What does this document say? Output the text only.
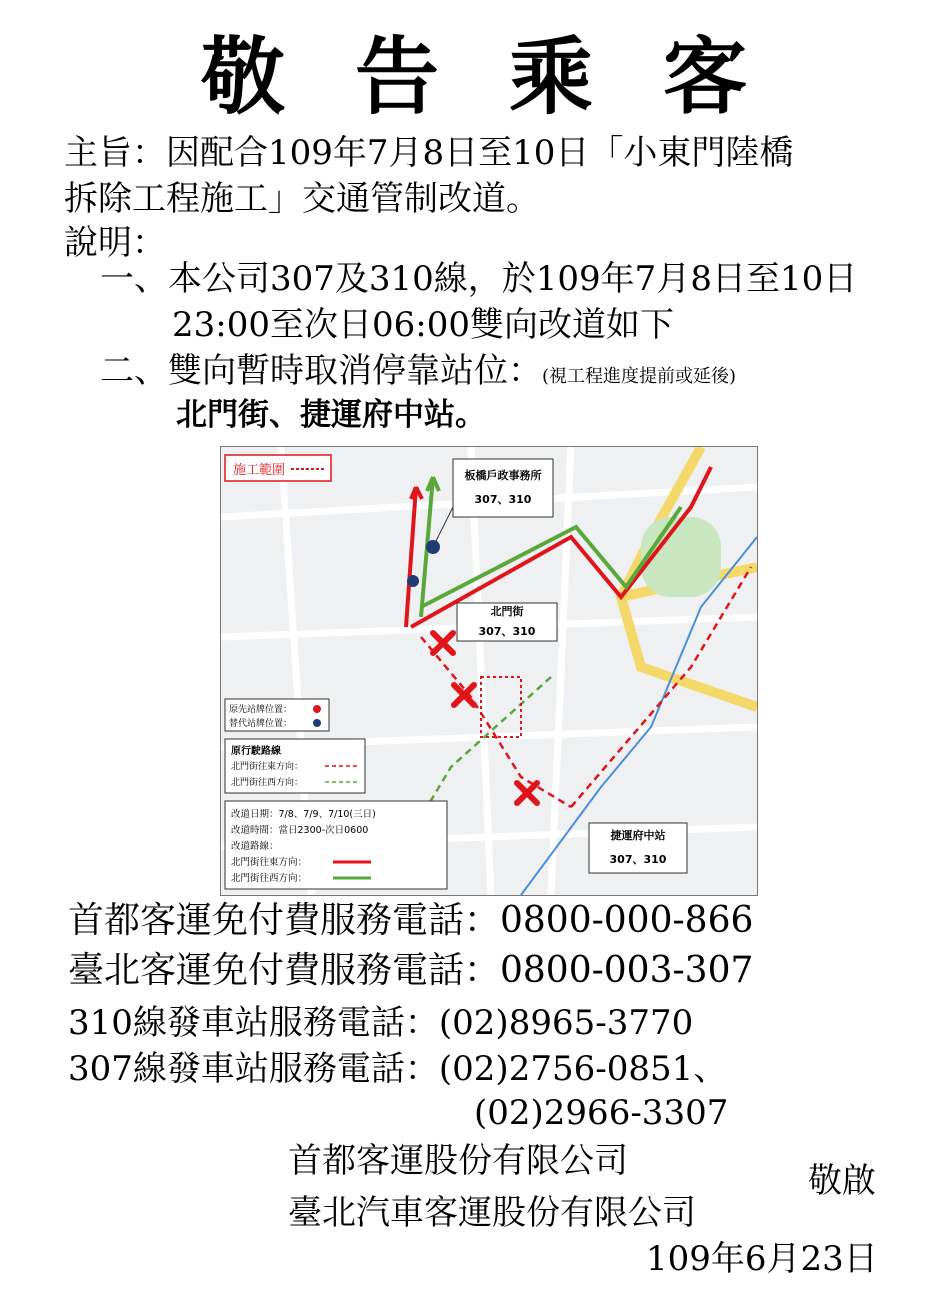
敬告乘客
主旨：因配合109年7月8日至10日「小東門陸橋
拆除工程施工」交通管制改道。
說明：
一、本公司307及310線，於109年7月8日至10日
23:00至次日06:00雙向改道如下
二、雙向暫時取消停靠站位：(視工程進度提前或延後)
北門街、捷運府中站。
施工範圍	板橋戶政事務所
307、310
北門街
307、310
捷運府中站
307、310
原先站牌位置：
替代站牌位置：
原行駛路線
北門街往東方向：
北門街往西方向：
改道日期：7/8、7/9、7/10(三日)
改道時間：當日2300-次日0600
改道路線：
北門街往東方向：
北門街往西方向：
首都客運免付費服務電話：0800-000-866
臺北客運免付費服務電話：0800-003-307
310線發車站服務電話：(02)8965-3770
307線發車站服務電話：(02)2756-0851、
(02)2966-3307
首都客運股份有限公司
臺北汽車客運股份有限公司
敬啟
109年6月23日
